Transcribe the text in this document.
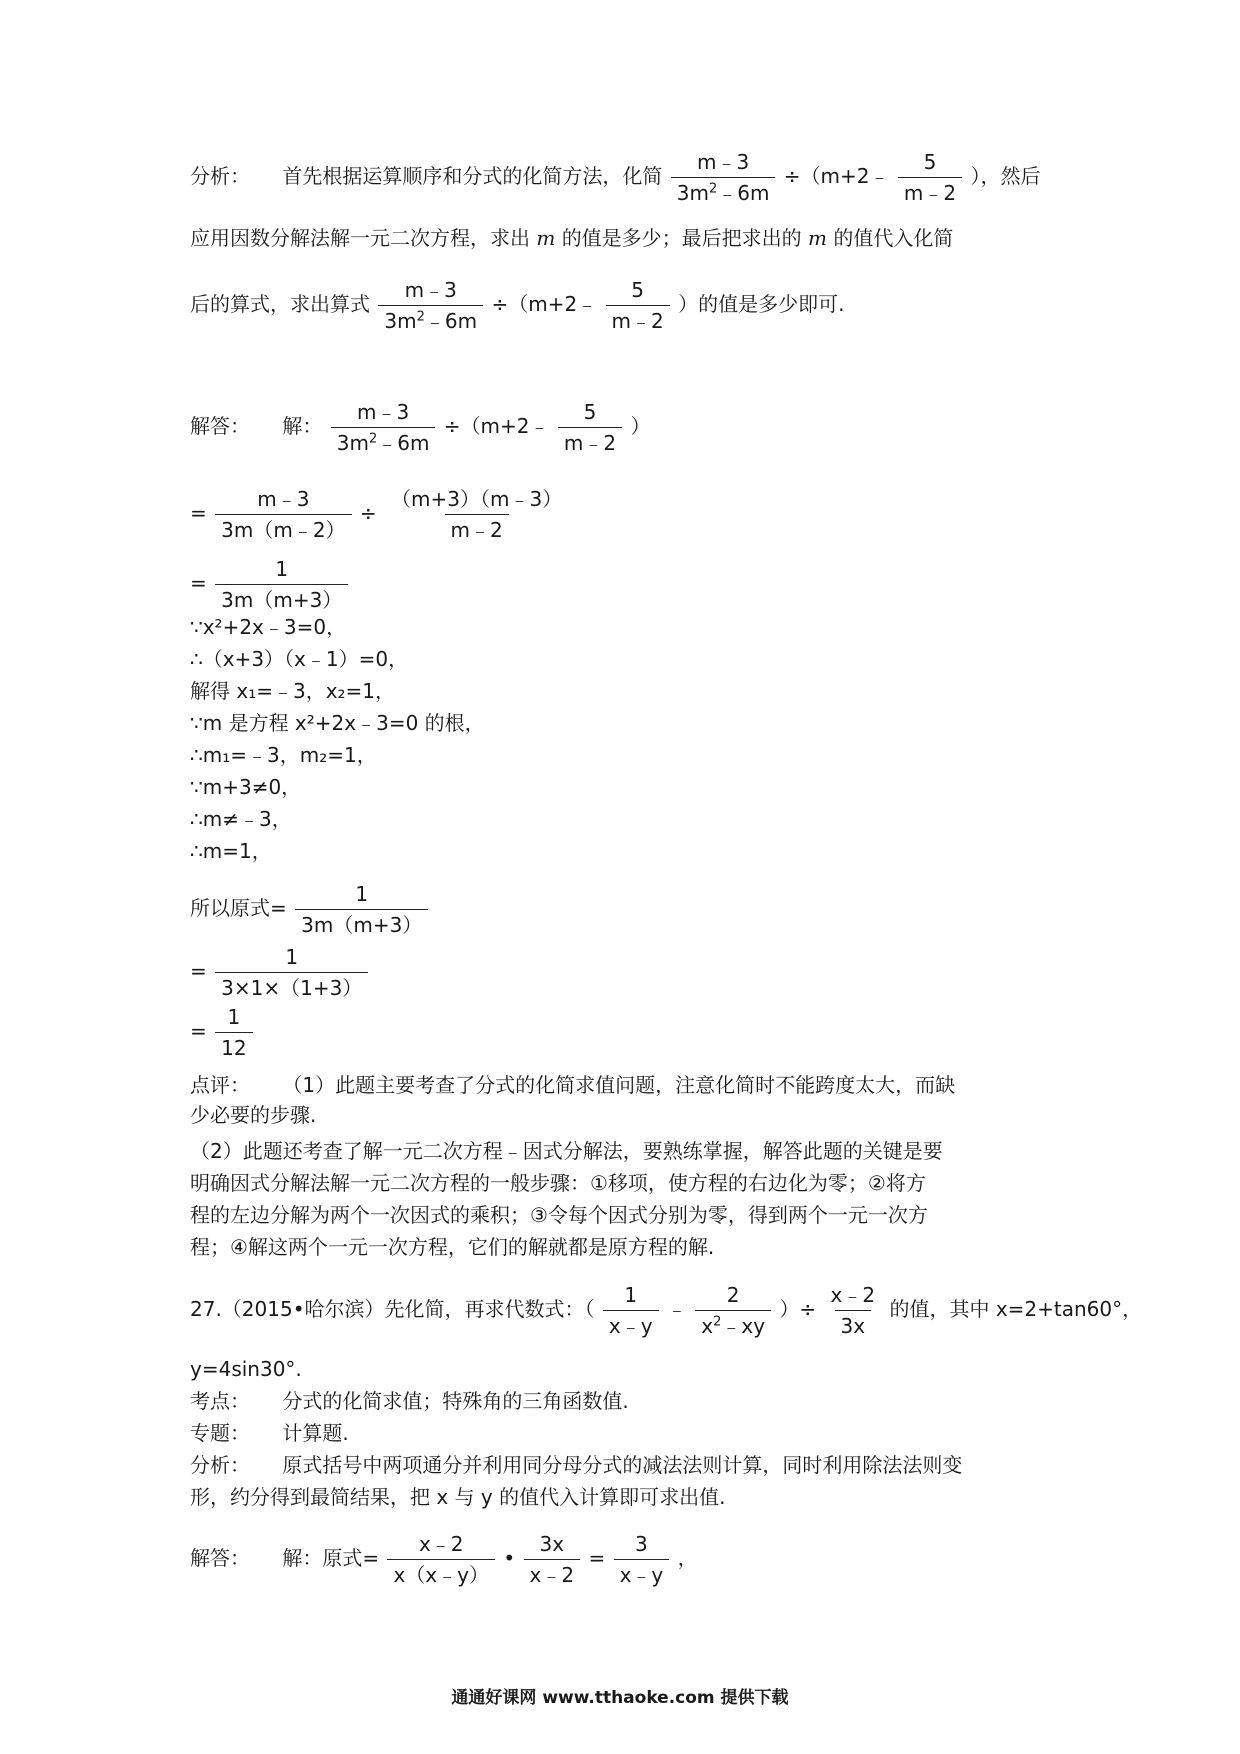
分析： 首先根据运算顺序和分式的化简方法，化简 $\frac{m﹣3}{3m^2﹣6m}$ ÷（m+2﹣ $\frac{5}{m﹣2}$ ），然后
应用因数分解法解一元二次方程，求出 m 的值是多少；最后把求出的 m 的值代入化简
后的算式，求出算式 $\frac{m﹣3}{3m^2﹣6m}$ ÷（m+2﹣ $\frac{5}{m﹣2}$ ）的值是多少即可.
解答： 解： $\frac{m﹣3}{3m^2﹣6m}$ ÷（m+2﹣ $\frac{5}{m﹣2}$ ）
= $\frac{m﹣3}{3m(m﹣2)} \div \frac{(m+3)(m﹣3)}{m﹣2}$
= $\frac{1}{3m(m+3)}$
∵x²+2x﹣3=0，
∴（x+3）（x﹣1）=0，
解得 x₁=﹣3，x₂=1，
∵m 是方程 x²+2x﹣3=0 的根，
∴m₁=﹣3，m₂=1，
∵m+3≠0，
∴m≠﹣3，
∴m=1，
所以原式= $\frac{1}{3m(m+3)}$
= $\frac{1}{3\times 1\times(1+3)}$
= $\frac{1}{12}$
点评： （1）此题主要考查了分式的化简求值问题，注意化简时不能跨度太大，而缺
少必要的步骤.
（2）此题还考查了解一元二次方程﹣因式分解法，要熟练掌握，解答此题的关键是要
明确因式分解法解一元二次方程的一般步骤：①移项，使方程的右边化为零；②将方
程的左边分解为两个一次因式的乘积；③令每个因式分别为零，得到两个一元一次方
程；④解这两个一元一次方程，它们的解就都是原方程的解.
27.（2015•哈尔滨）先化简，再求代数式：（ $\frac{1}{x﹣y}$ ﹣ $\frac{2}{x^2﹣xy}$ ）÷ $\frac{x﹣2}{3x}$ 的值，其中 x=2+tan60°，
y=4sin30°.
考点： 分式的化简求值；特殊角的三角函数值.
专题： 计算题.
分析： 原式括号中两项通分并利用同分母分式的减法法则计算，同时利用除法法则变
形，约分得到最简结果，把 x 与 y 的值代入计算即可求出值.
解答： 解：原式= $\frac{x﹣2}{x(x﹣y)}$ • $\frac{3x}{x﹣2} = \frac{3}{x﹣y}$ ，
通通好课网 www.tthaoke.com 提供下载
